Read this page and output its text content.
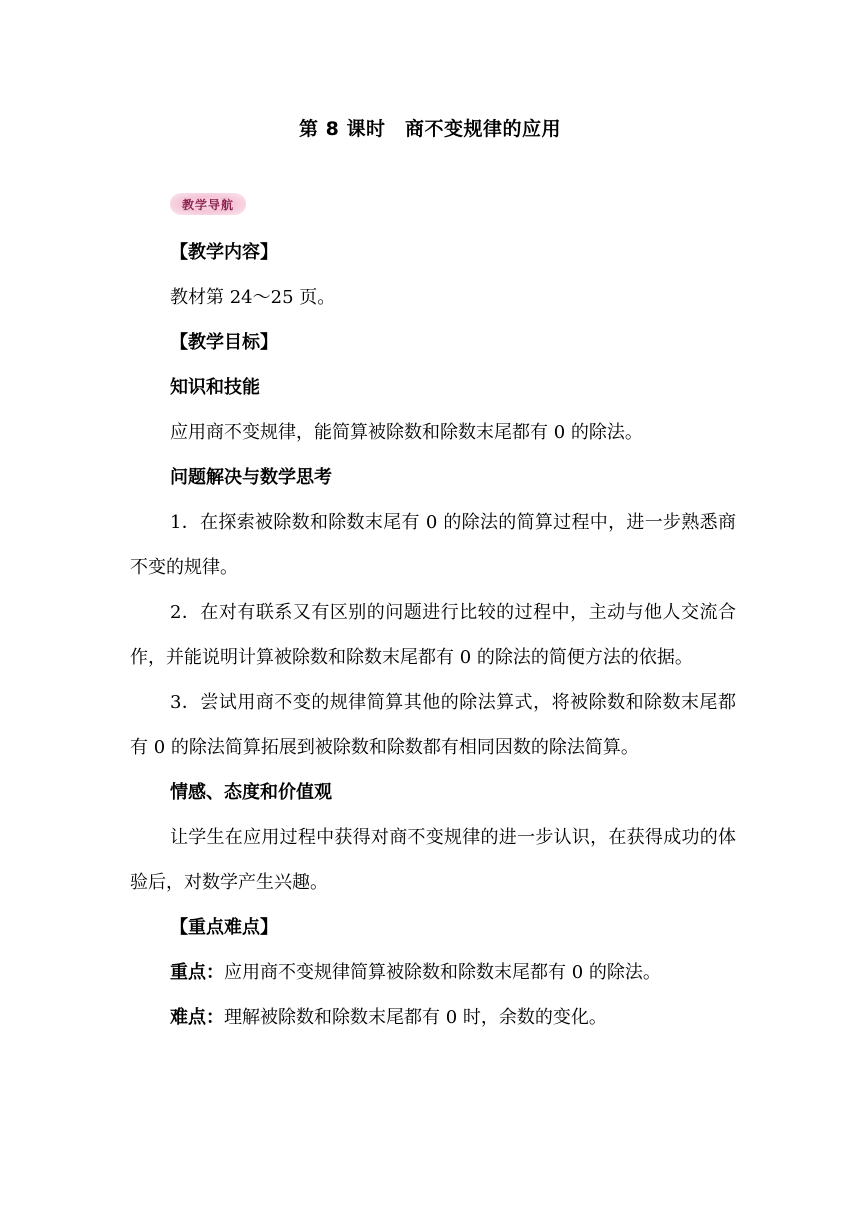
第 8 课时　商不变规律的应用
教学导航
【教学内容】
教材第 24～25 页。
【教学目标】
知识和技能

应用商不变规律，能简算被除数和除数末尾都有 0 的除法。

问题解决与数学思考

1．在探索被除数和除数末尾有 0 的除法的简算过程中，进一步熟悉商不变的规律。

2．在对有联系又有区别的问题进行比较的过程中，主动与他人交流合作，并能说明计算被除数和除数末尾都有 0 的除法的简便方法的依据。

3．尝试用商不变的规律简算其他的除法算式，将被除数和除数末尾都有 0 的除法简算拓展到被除数和除数都有相同因数的除法简算。

情感、态度和价值观

让学生在应用过程中获得对商不变规律的进一步认识，在获得成功的体验后，对数学产生兴趣。

【重点难点】
重点：应用商不变规律简算被除数和除数末尾都有 0 的除法。
难点：理解被除数和除数末尾都有 0 时，余数的变化。
